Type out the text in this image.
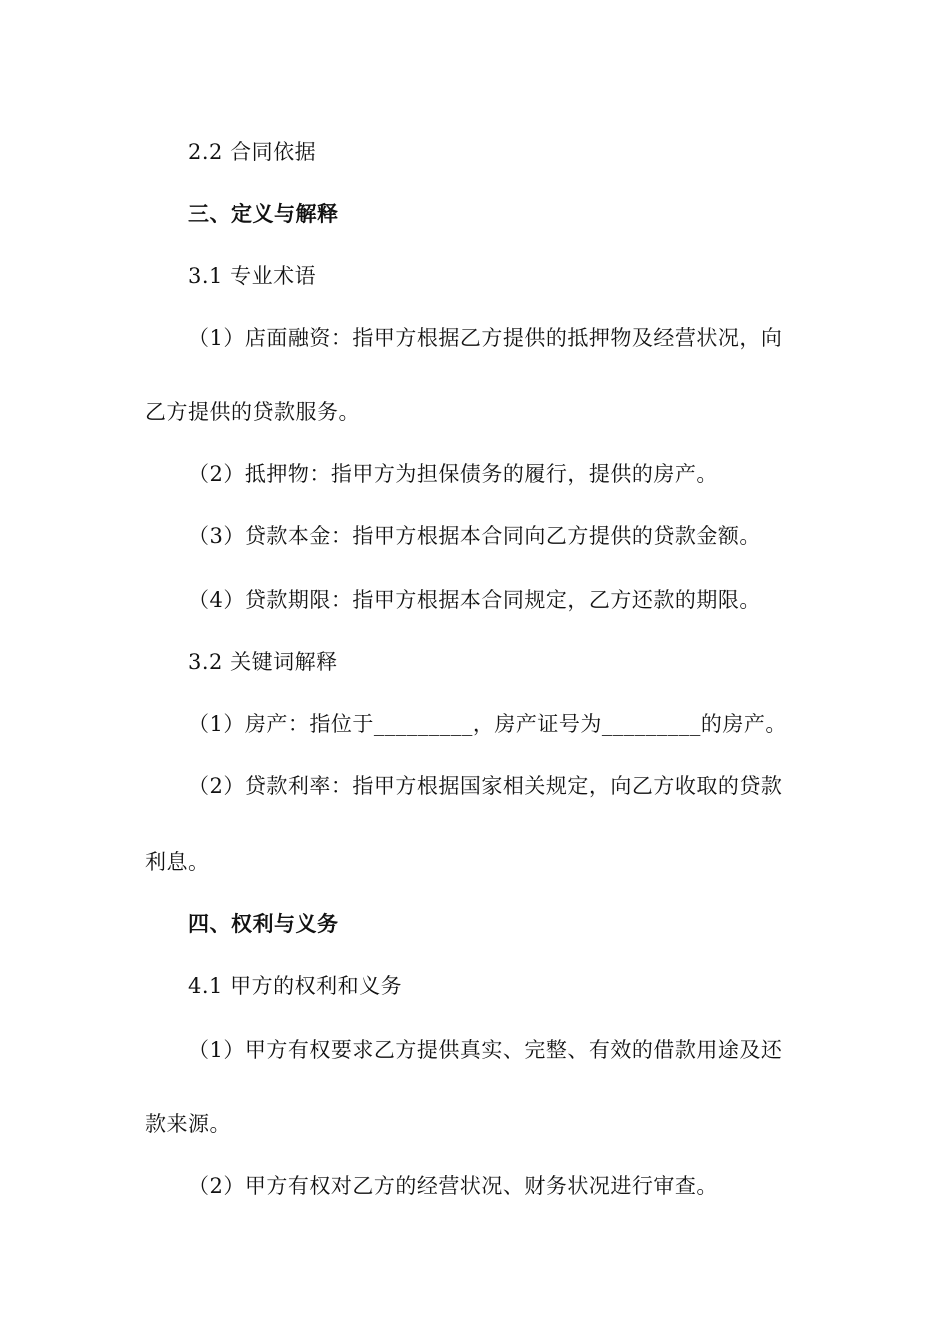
2.2 合同依据
三、定义与解释
3.1 专业术语
（1）店面融资：指甲方根据乙方提供的抵押物及经营状况，向
乙方提供的贷款服务。
（2）抵押物：指甲方为担保债务的履行，提供的房产。
（3）贷款本金：指甲方根据本合同向乙方提供的贷款金额。
（4）贷款期限：指甲方根据本合同规定，乙方还款的期限。
3.2 关键词解释
（1）房产：指位于_________，房产证号为_________的房产。
（2）贷款利率：指甲方根据国家相关规定，向乙方收取的贷款
利息。
四、权利与义务
4.1 甲方的权利和义务
（1）甲方有权要求乙方提供真实、完整、有效的借款用途及还
款来源。
（2）甲方有权对乙方的经营状况、财务状况进行审查。
